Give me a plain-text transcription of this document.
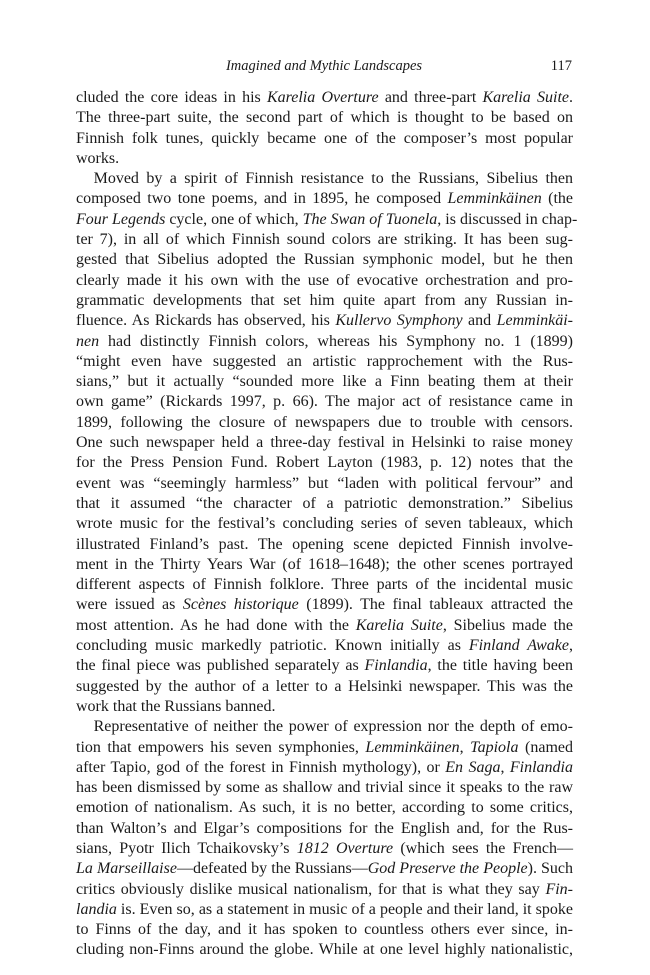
Imagined and Mythic Landscapes	117
cluded the core ideas in his Karelia Overture and three-part Karelia Suite.
The three-part suite, the second part of which is thought to be based on
Finnish folk tunes, quickly became one of the composer’s most popular
works.
Moved by a spirit of Finnish resistance to the Russians, Sibelius then
composed two tone poems, and in 1895, he composed Lemminkäinen (the
Four Legends cycle, one of which, The Swan of Tuonela, is discussed in chap-
ter 7), in all of which Finnish sound colors are striking. It has been sug-
gested that Sibelius adopted the Russian symphonic model, but he then
clearly made it his own with the use of evocative orchestration and pro-
grammatic developments that set him quite apart from any Russian in-
fluence. As Rickards has observed, his Kullervo Symphony and Lemminkäi-
nen had distinctly Finnish colors, whereas his Symphony no. 1 (1899)
“might even have suggested an artistic rapprochement with the Rus-
sians,” but it actually “sounded more like a Finn beating them at their
own game” (Rickards 1997, p. 66). The major act of resistance came in
1899, following the closure of newspapers due to trouble with censors.
One such newspaper held a three-day festival in Helsinki to raise money
for the Press Pension Fund. Robert Layton (1983, p. 12) notes that the
event was “seemingly harmless” but “laden with political fervour” and
that it assumed “the character of a patriotic demonstration.” Sibelius
wrote music for the festival’s concluding series of seven tableaux, which
illustrated Finland’s past. The opening scene depicted Finnish involve-
ment in the Thirty Years War (of 1618–1648); the other scenes portrayed
different aspects of Finnish folklore. Three parts of the incidental music
were issued as Scènes historique (1899). The final tableaux attracted the
most attention. As he had done with the Karelia Suite, Sibelius made the
concluding music markedly patriotic. Known initially as Finland Awake,
the final piece was published separately as Finlandia, the title having been
suggested by the author of a letter to a Helsinki newspaper. This was the
work that the Russians banned.
Representative of neither the power of expression nor the depth of emo-
tion that empowers his seven symphonies, Lemminkäinen, Tapiola (named
after Tapio, god of the forest in Finnish mythology), or En Saga, Finlandia
has been dismissed by some as shallow and trivial since it speaks to the raw
emotion of nationalism. As such, it is no better, according to some critics,
than Walton’s and Elgar’s compositions for the English and, for the Rus-
sians, Pyotr Ilich Tchaikovsky’s 1812 Overture (which sees the French—
La Marseillaise—defeated by the Russians—God Preserve the People). Such
critics obviously dislike musical nationalism, for that is what they say Fin-
landia is. Even so, as a statement in music of a people and their land, it spoke
to Finns of the day, and it has spoken to countless others ever since, in-
cluding non-Finns around the globe. While at one level highly nationalistic,
